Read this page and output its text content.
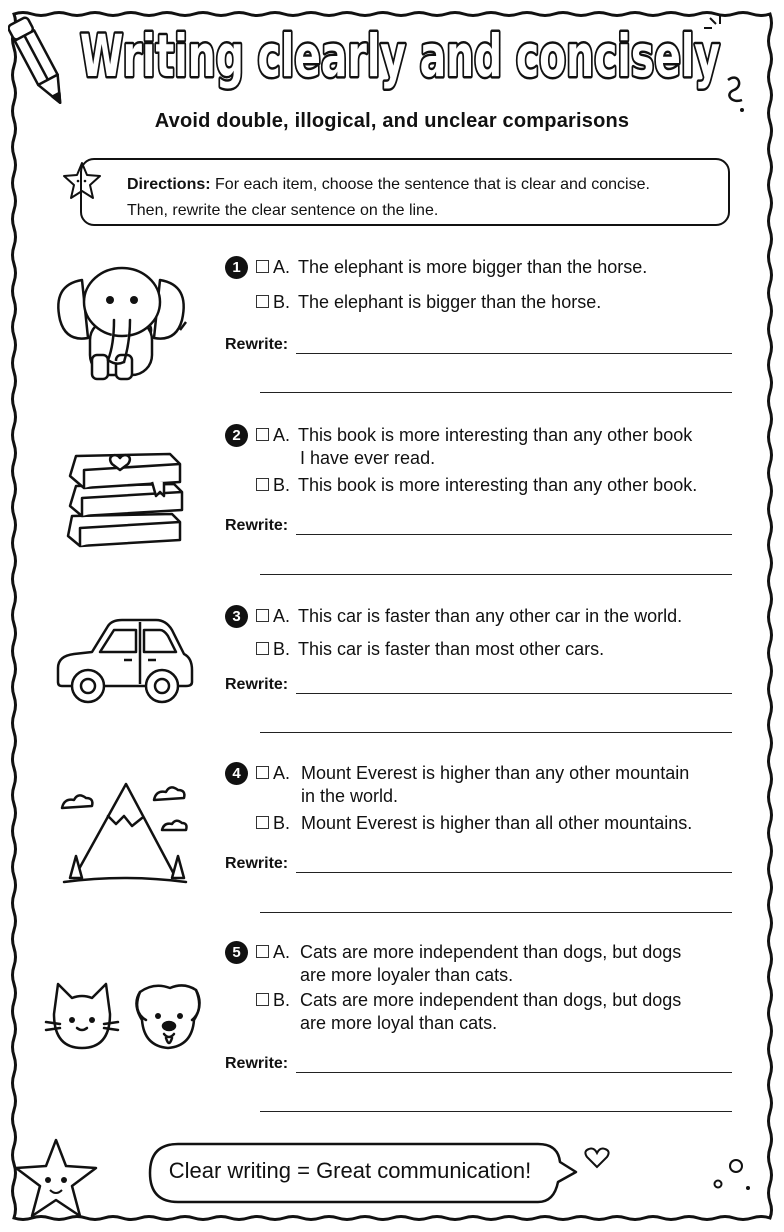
Writing clearly and concisely
Avoid double, illogical, and unclear comparisons
Directions: For each item, choose the sentence that is clear and concise.
Then, rewrite the clear sentence on the line.
1	A. The elephant is more bigger than the horse.
B. The elephant is bigger than the horse.
Rewrite:
2	A. This book is more interesting than any other book
I have ever read.
B. This book is more interesting than any other book.
Rewrite:
3	A. This car is faster than any other car in the world.
B. This car is faster than most other cars.
Rewrite:
4	A. Mount Everest is higher than any other mountain
in the world.
B. Mount Everest is higher than all other mountains.
Rewrite:
5	A. Cats are more independent than dogs, but dogs
are more loyaler than cats.
B. Cats are more independent than dogs, but dogs
are more loyal than cats.
Rewrite:
Clear writing = Great communication!
